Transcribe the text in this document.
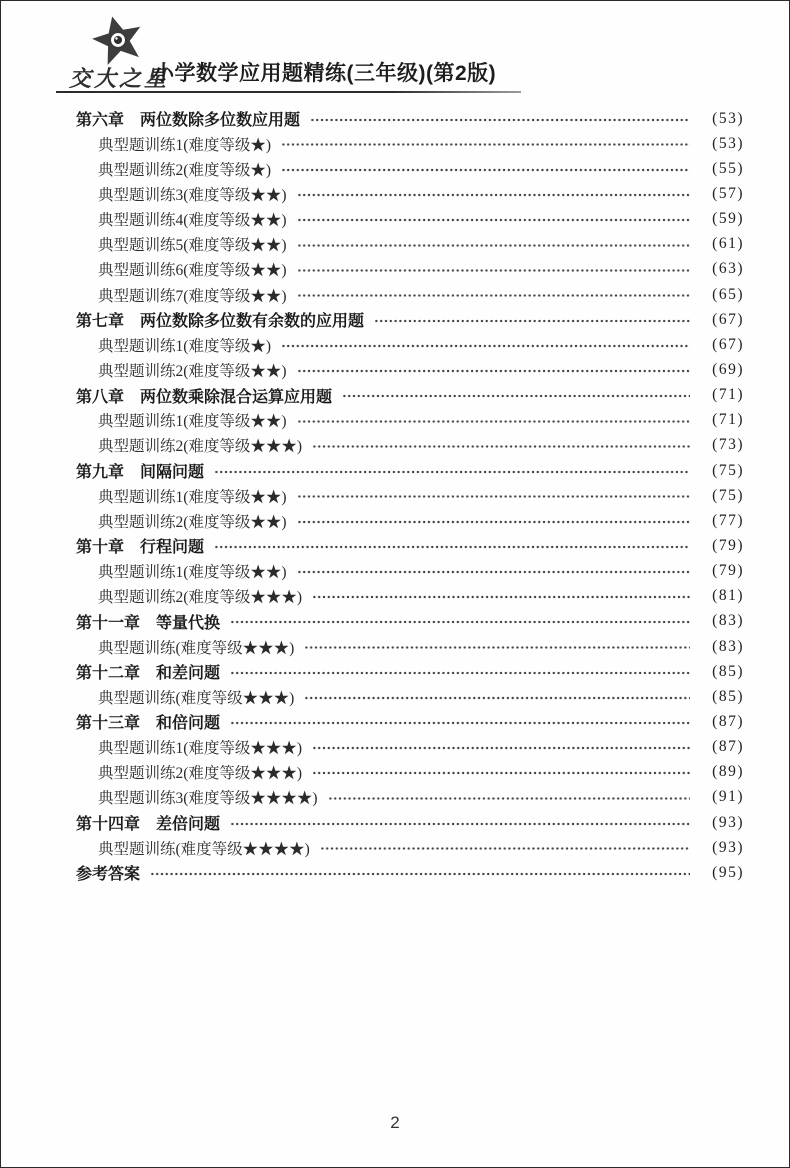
交大之星
小学数学应用题精练(三年级)(第2版)
第六章　两位数除多位数应用题	(53)
典型题训练1(难度等级★)	(53)
典型题训练2(难度等级★)	(55)
典型题训练3(难度等级★★)	(57)
典型题训练4(难度等级★★)	(59)
典型题训练5(难度等级★★)	(61)
典型题训练6(难度等级★★)	(63)
典型题训练7(难度等级★★)	(65)
第七章　两位数除多位数有余数的应用题	(67)
典型题训练1(难度等级★)	(67)
典型题训练2(难度等级★★)	(69)
第八章　两位数乘除混合运算应用题	(71)
典型题训练1(难度等级★★)	(71)
典型题训练2(难度等级★★★)	(73)
第九章　间隔问题	(75)
典型题训练1(难度等级★★)	(75)
典型题训练2(难度等级★★)	(77)
第十章　行程问题	(79)
典型题训练1(难度等级★★)	(79)
典型题训练2(难度等级★★★)	(81)
第十一章　等量代换	(83)
典型题训练(难度等级★★★)	(83)
第十二章　和差问题	(85)
典型题训练(难度等级★★★)	(85)
第十三章　和倍问题	(87)
典型题训练1(难度等级★★★)	(87)
典型题训练2(难度等级★★★)	(89)
典型题训练3(难度等级★★★★)	(91)
第十四章　差倍问题	(93)
典型题训练(难度等级★★★★)	(93)
参考答案	(95)
2
